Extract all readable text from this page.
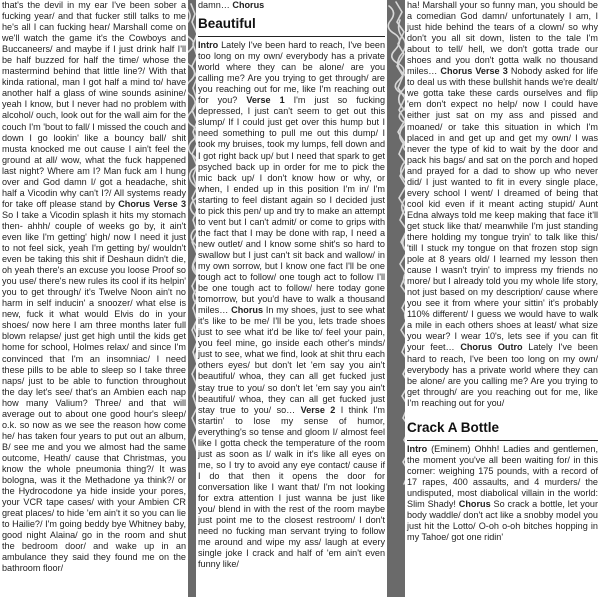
that's the devil in my ear I've been sober a fucking year/ and that fucker still talks to me he's all I can fucking hear/ Marshall come on we'll watch the game it's the Cowboys and Buccaneers/ and maybe if I just drink half I'll be half buzzed for half the time/ whose the mastermind behind that little line?/ With that kinda rational, man I got half a mind to/ have another half a glass of wine sounds asinine/ yeah I know, but I never had no problem with alcohol/ ouch, look out for the wall aim for the couch I'm 'bout to fall/ I missed the couch and down I go lookin' like a bouncy ball/ shit musta knocked me out cause I ain't feel the ground at all/ wow, what the fuck happened last night? Where am I? Man fuck am I hung over and God damn I/ got a headache, shit half a Vicodin why can't I?/ All systems ready for take off please stand by Chorus Verse 3 So I take a Vicodin splash it hits my stomach then- ahhh/ couple of weeks go by, it ain't even like I'm getting' high/ now I need it just to not feel sick, yeah I'm getting by/ wouldn't even be taking this shit if Deshaun didn't die, oh yeah there's an excuse you loose Proof so you use/ there's new rules its cool if its helpin' you to get through/ it's Twelve Noon ain't no harm in self inducin' a snoozer/ what else is new, fuck it what would Elvis do in your shoes/ now here I am three months later full blown relapse/ just get high until the kids get home for school, Holmes relax/ and since I'm convinced that I'm an insomniac/ I need these pills to be able to sleep so I take three naps/ just to be able to function throughout the day let's see/ that's an Ambien each nap how many Valium? Three/ and that will average out to about one good hour's sleep/ o.k. so now as we see the reason how come he/ has taken four years to put out an album, B/ see me and you we almost had the same outcome, Heath/ cause that Christmas, you know the whole pneumonia thing?/ It was bologna, was it the Methadone ya think?/ or the Hydrocodone ya hide inside your pores, your VCR tape cases/ with your Ambien CR great places/ to hide 'em ain't it so you can lie to Hailie?/ I'm going beddy bye Whitney baby, good night Alaina/ go in the room and shut the bedroom door/ and wake up in an ambulance they said they found me on the bathroom floor/
damn… Chorus
Beautiful
Intro Lately I've been hard to reach, I've been too long on my own/ everybody has a private world where they can be alone/ are you calling me? Are you trying to get through/ are you reaching out for me, like I'm reaching out for you? Verse 1 I'm just so fucking depressed, I just can't seem to get out this slump/ If I could just get over this hump but I need something to pull me out this dump/ I took my bruises, took my lumps, fell down and I got right back up/ but I need that spark to get psyched back up in order for me to pick the mic back up/ I don't know how or why, or when, I ended up in this position I'm in/ I'm starting to feel distant again so I decided just to pick this pen/ up and try to make an attempt to vent but I can't admit/ or come to grips with the fact that I may be done with rap, I need a new outlet/ and I know some shit's so hard to swallow but I just can't sit back and wallow/ in my own sorrow, but I know one fact I'll be one tough act to follow/ one tough act to follow I'll be one tough act to follow/ here today gone tomorrow, but you'd have to walk a thousand miles… Chorus In my shoes, just to see what it's like to be me/ I'll be you, lets trade shoes just to see what it'd be like to/ feel your pain, you feel mine, go inside each other's minds/ just to see, what we find, look at shit thru each others eyes/ but don't let 'em say you ain't beautiful/ whoa, they can all get fucked just stay true to you/ so don't let 'em say you ain't beautiful/ whoa, they can all get fucked just stay true to you/ so… Verse 2 I think I'm startin' to lose my sense of humor, everything's so tense and gloom I/ almost feel like I gotta check the temperature of the room just as soon as I/ walk in it's like all eyes on me, so I try to avoid any eye contact/ cause if I do that then it opens the door for conversation like I want that/ I'm not looking for extra attention I just wanna be just like you/ blend in with the rest of the room maybe just point me to the closest restroom/ I don't need no fucking man servant trying to follow me around and wipe my ass/ laugh at every single joke I crack and half of 'em ain't even funny like/
ha! Marshall your so funny man, you should be a comedian God damn/ unfortunately I am, I just hide behind the tears of a clown/ so why don't you all sit down, listen to the tale I'm about to tell/ hell, we don't gotta trade our shoes and you don't gotta walk no thousand miles… Chorus Verse 3 Nobody asked for life to deal us with these bullshit hands we're dealt/ we gotta take these cards ourselves and flip 'em don't expect no help/ now I could have either just sat on my ass and pissed and moaned/ or take this situation in which I'm placed in and get up and get my own/ I was never the type of kid to wait by the door and pack his bags/ and sat on the porch and hoped and prayed for a dad to show up who never did/ I just wanted to fit in every single place, every school I went/ I dreamed of being that cool kid even if it meant acting stupid/ Aunt Edna always told me keep making that face it'll get stuck like that/ meanwhile I'm just standing there holding my tongue tryin' to talk like this/ 'till I stuck my tongue on that frozen stop sign pole at 8 years old/ I learned my lesson then cause I wasn't tryin' to impress my friends no more/ but I already told you my whole life story, not just based on my description/ cause where you see it from where your sittin' it's probably 110% different/ I guess we would have to walk a mile in each others shoes at least/ what size you wear? I wear 10's, lets see if you can fit your feet… Chorus Outro Lately I've been hard to reach, I've been too long on my own/ everybody has a private world where they can be alone/ are you calling me? Are you trying to get through/ are you reaching out for me, like I'm reaching out for you/
Crack A Bottle
Intro (Eminem) Ohhh! Ladies and gentlemen, the moment you've all been waiting for/ in this corner: weighing 175 pounds, with a record of 17 rapes, 400 assaults, and 4 murders/ the undisputed, most diabolical villain in the world: Slim Shady! Chorus So crack a bottle, let your body waddle/ don't act like a snobby model you just hit the Lotto/ O-oh o-oh bitches hopping in my Tahoe/ got one ridin'
